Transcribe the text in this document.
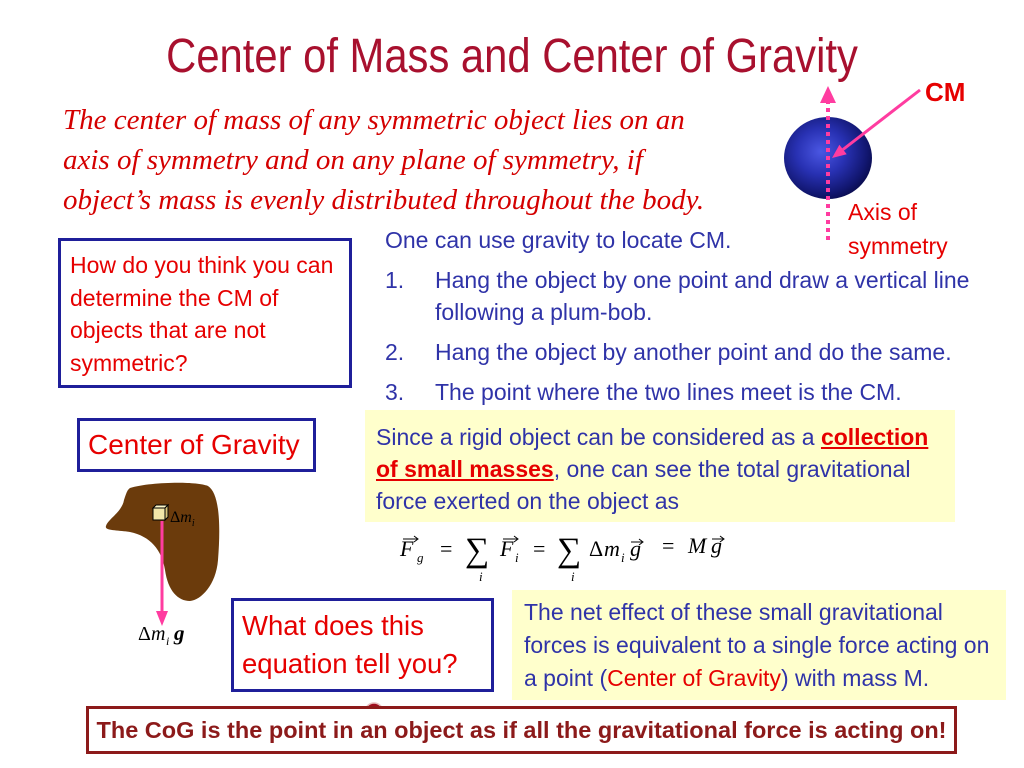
$\Delta m_i$
Δ m i g
F g = ∑
i
F i = ∑
i
Δ m i g = M g
Center of Mass and Center of Gravity
The center of mass of any symmetric object lies on an
axis of symmetry and on any plane of symmetry, if
object’s mass is evenly distributed throughout the body.
CM
Axis of
symmetry
How do you think you can determine the CM of objects that are not symmetric?
One can use gravity to locate CM.
1.	Hang the object by one point and draw a vertical line following a plum-bob.
2.	Hang the object by another point and do the same.
3.	The point where the two lines meet is the CM.
Center of Gravity	Since a rigid object can be considered as a collection of small masses, one can see the total gravitational force exerted on the object as
What does this equation tell you?
The net effect of these small gravitational forces is equivalent to a single force acting on a point (Center of Gravity) with mass M.
The CoG is the point in an object as if all the gravitational force is acting on!
